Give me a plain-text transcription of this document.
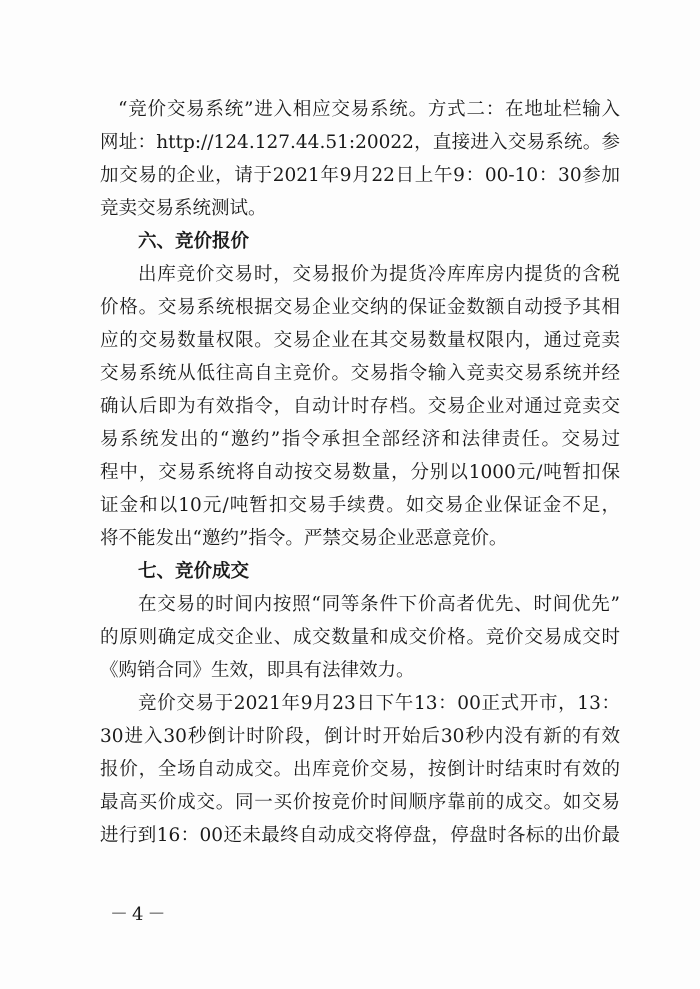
“竞价交易系统”进入相应交易系统。方式二：在地址栏输入
网址：http://124.127.44.51:20022，直接进入交易系统。参
加交易的企业，请于2021年9月22日上午9：00-10：30参加
竞卖交易系统测试。
六、竞价报价
出库竞价交易时，交易报价为提货冷库库房内提货的含税
价格。交易系统根据交易企业交纳的保证金数额自动授予其相
应的交易数量权限。交易企业在其交易数量权限内，通过竞卖
交易系统从低往高自主竞价。交易指令输入竞卖交易系统并经
确认后即为有效指令，自动计时存档。交易企业对通过竞卖交
易系统发出的“邀约”指令承担全部经济和法律责任。交易过
程中，交易系统将自动按交易数量，分别以1000元/吨暂扣保
证金和以10元/吨暂扣交易手续费。如交易企业保证金不足，
将不能发出“邀约”指令。严禁交易企业恶意竞价。
七、竞价成交
在交易的时间内按照“同等条件下价高者优先、时间优先”
的原则确定成交企业、成交数量和成交价格。竞价交易成交时
《购销合同》生效，即具有法律效力。
竞价交易于2021年9月23日下午13：00正式开市，13：
30进入30秒倒计时阶段，倒计时开始后30秒内没有新的有效
报价，全场自动成交。出库竞价交易，按倒计时结束时有效的
最高买价成交。同一买价按竞价时间顺序靠前的成交。如交易
进行到16：00还未最终自动成交将停盘，停盘时各标的出价最
－4－
